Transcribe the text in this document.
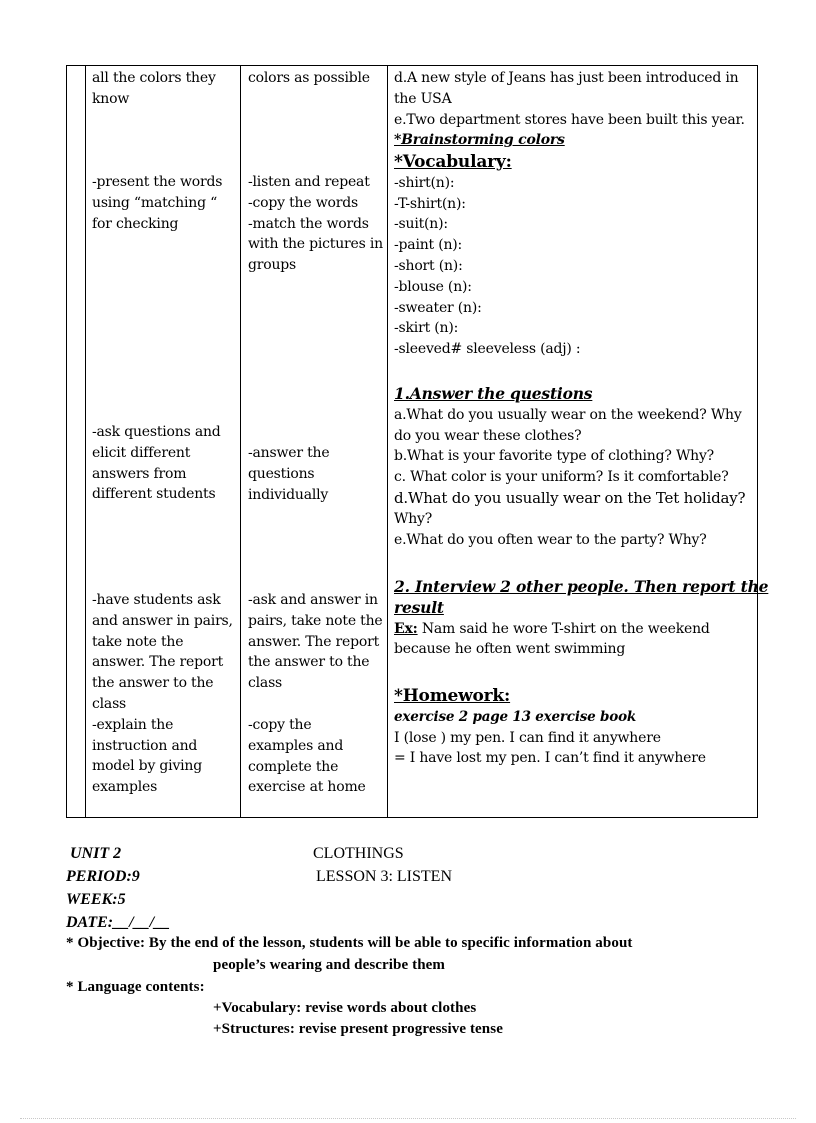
all the colors they
know
-present the words
using “matching “
for checking
-ask questions and
elicit different
answers from
different students
-have students ask
and answer in pairs,
take note the
answer. The report
the answer to the
class
-explain the
instruction and
model by giving
examples
colors as possible
-listen and repeat
-copy the words
-match the words
with the pictures in
groups
-answer the
questions
individually
-ask and answer in
pairs, take note the
answer. The report
the answer to the
class
-copy the
examples and
complete the
exercise at home
d.A new style of Jeans has just been introduced in
the USA
e.Two department stores have been built this year.
*Brainstorming colors
*Vocabulary:
-shirt(n):
-T-shirt(n):
-suit(n):
-paint (n):
-short (n):
-blouse (n):
-sweater (n):
-skirt (n):
-sleeved# sleeveless (adj) :
1.Answer the questions
a.What do you usually wear on the weekend? Why
do you wear these clothes?
b.What is your favorite type of clothing? Why?
c. What color is your uniform? Is it comfortable?
d.What do you usually wear on the Tet holiday?
Why?
e.What do you often wear to the party? Why?
2. Interview 2 other people. Then report the
result
Ex: Nam said he wore T-shirt on the weekend
because he often went swimming
*Homework:
exercise 2 page 13 exercise book
I (lose ) my pen. I can find it anywhere
= I have lost my pen. I can’t find it anywhere
UNIT 2
PERIOD:9
WEEK:5
DATE:__/__/__
CLOTHINGS
LESSON 3: LISTEN
* Objective: By the end of the lesson, students will be able to specific information about
people’s wearing and describe them
* Language contents:
+Vocabulary: revise words about clothes
+Structures: revise present progressive tense
